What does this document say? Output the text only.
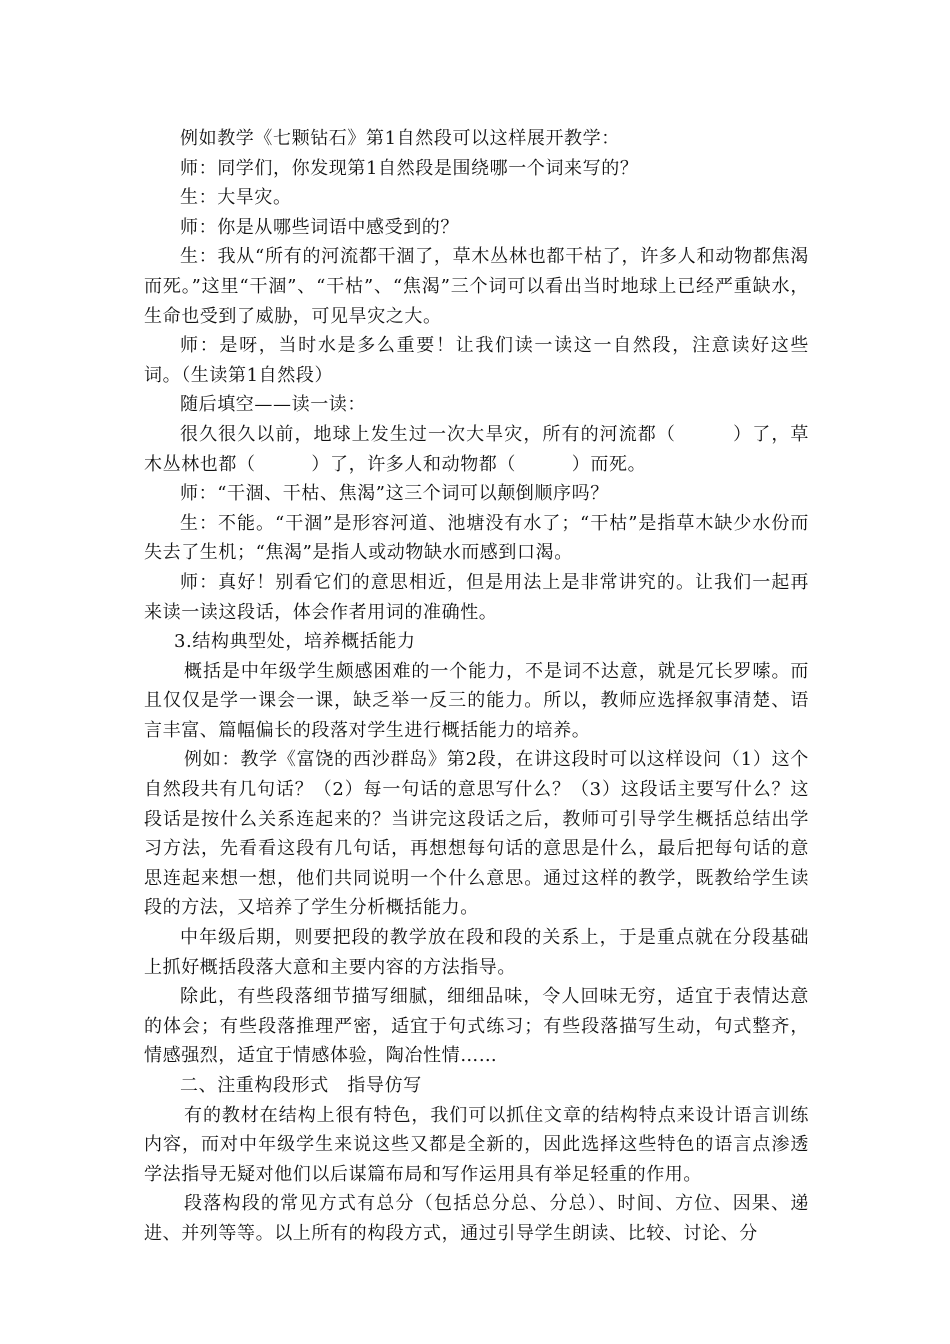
例如教学《七颗钻石》第1自然段可以这样展开教学：

师：同学们，你发现第1自然段是围绕哪一个词来写的？

生：大旱灾。

师：你是从哪些词语中感受到的？

生：我从“所有的河流都干涸了，草木丛林也都干枯了，许多人和动物都焦渴而死。”这里“干涸”、“干枯”、“焦渴”三个词可以看出当时地球上已经严重缺水，生命也受到了威胁，可见旱灾之大。

师：是呀，当时水是多么重要！让我们读一读这一自然段，注意读好这些词。（生读第1自然段）

随后填空——读一读：

很久很久以前，地球上发生过一次大旱灾，所有的河流都（　　　）了，草木丛林也都（　　　）了，许多人和动物都（　　　）而死。

师：“干涸、干枯、焦渴”这三个词可以颠倒顺序吗？

生：不能。“干涸”是形容河道、池塘没有水了；“干枯”是指草木缺少水份而失去了生机；“焦渴”是指人或动物缺水而感到口渴。

师：真好！别看它们的意思相近，但是用法上是非常讲究的。让我们一起再来读一读这段话，体会作者用词的准确性。

3.结构典型处，培养概括能力

概括是中年级学生颇感困难的一个能力，不是词不达意，就是冗长罗嗦。而且仅仅是学一课会一课，缺乏举一反三的能力。所以，教师应选择叙事清楚、语言丰富、篇幅偏长的段落对学生进行概括能力的培养。

例如：教学《富饶的西沙群岛》第2段，在讲这段时可以这样设问（1）这个自然段共有几句话？（2）每一句话的意思写什么？（3）这段话主要写什么？这段话是按什么关系连起来的？当讲完这段话之后，教师可引导学生概括总结出学习方法，先看看这段有几句话，再想想每句话的意思是什么，最后把每句话的意思连起来想一想，他们共同说明一个什么意思。通过这样的教学，既教给学生读段的方法，又培养了学生分析概括能力。

中年级后期，则要把段的教学放在段和段的关系上，于是重点就在分段基础上抓好概括段落大意和主要内容的方法指导。

除此，有些段落细节描写细腻，细细品味，令人回味无穷，适宜于表情达意的体会；有些段落推理严密，适宜于句式练习；有些段落描写生动，句式整齐，情感强烈，适宜于情感体验，陶冶性情……

二、注重构段形式　指导仿写

有的教材在结构上很有特色，我们可以抓住文章的结构特点来设计语言训练内容，而对中年级学生来说这些又都是全新的，因此选择这些特色的语言点渗透学法指导无疑对他们以后谋篇布局和写作运用具有举足轻重的作用。

段落构段的常见方式有总分（包括总分总、分总）、时间、方位、因果、递进、并列等等。以上所有的构段方式，通过引导学生朗读、比较、讨论、分
